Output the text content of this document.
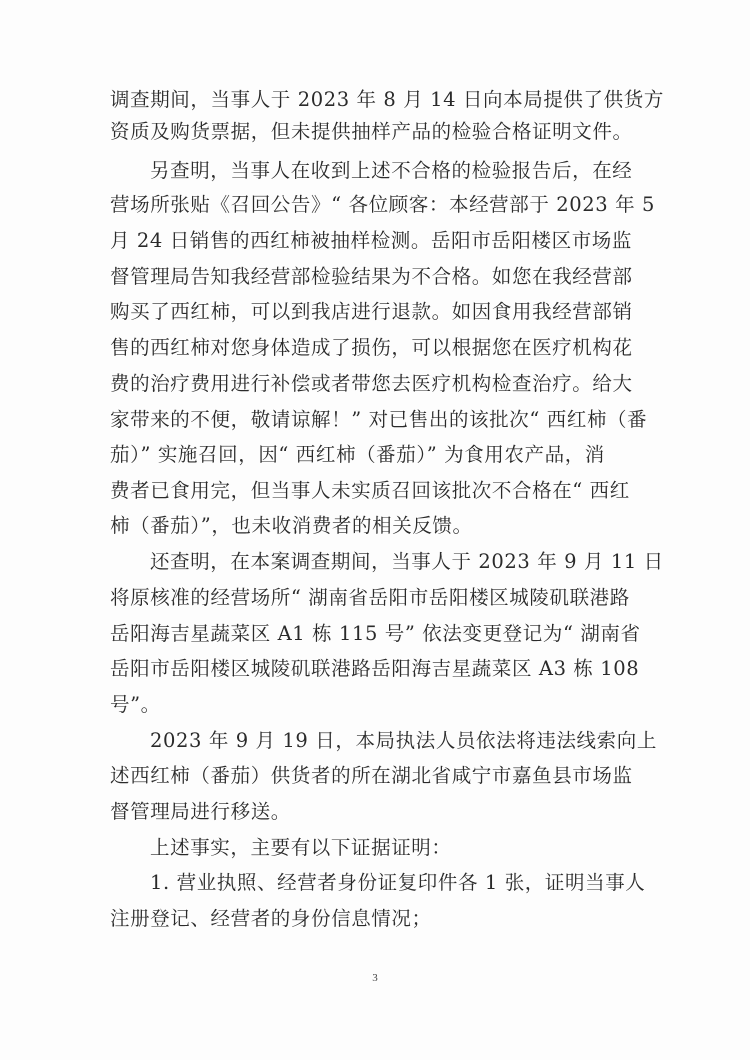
调查期间，当事人于 2023 年 8 月 14 日向本局提供了供货方
资质及购货票据，但未提供抽样产品的检验合格证明文件。
另查明，当事人在收到上述不合格的检验报告后，在经
营场所张贴《召回公告》“ 各位顾客：本经营部于 2023 年 5
月 24 日销售的西红柿被抽样检测。岳阳市岳阳楼区市场监
督管理局告知我经营部检验结果为不合格。如您在我经营部
购买了西红柿，可以到我店进行退款。如因食用我经营部销
售的西红柿对您身体造成了损伤，可以根据您在医疗机构花
费的治疗费用进行补偿或者带您去医疗机构检查治疗。给大
家带来的不便，敬请谅解！” 对已售出的该批次“ 西红柿（番
茄）” 实施召回，因“ 西红柿（番茄）” 为食用农产品，消
费者已食用完，但当事人未实质召回该批次不合格在“ 西红
柿（番茄）”，也未收消费者的相关反馈。
还查明，在本案调查期间，当事人于 2023 年 9 月 11 日
将原核准的经营场所“ 湖南省岳阳市岳阳楼区城陵矶联港路
岳阳海吉星蔬菜区 A1 栋 115 号” 依法变更登记为“ 湖南省
岳阳市岳阳楼区城陵矶联港路岳阳海吉星蔬菜区 A3 栋 108
号”。
2023 年 9 月 19 日，本局执法人员依法将违法线索向上
述西红柿（番茄）供货者的所在湖北省咸宁市嘉鱼县市场监
督管理局进行移送。
上述事实，主要有以下证据证明：
1. 营业执照、经营者身份证复印件各 1 张，证明当事人
注册登记、经营者的身份信息情况；
3
